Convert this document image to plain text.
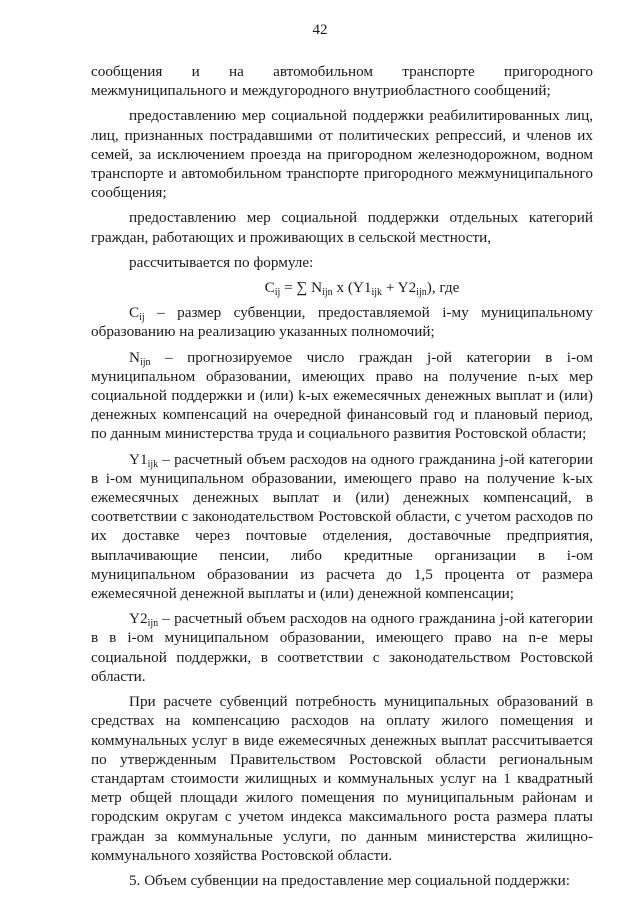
42

сообщения и на автомобильном транспорте пригородного межмуниципального и междугородного внутриобластного сообщений;

предоставлению мер социальной поддержки реабилитированных лиц, лиц, признанных пострадавшими от политических репрессий, и членов их семей, за исключением проезда на пригородном железнодорожном, водном транспорте и автомобильном транспорте пригородного межмуниципального сообщения;

предоставлению мер социальной поддержки отдельных категорий граждан, работающих и проживающих в сельской местности,

рассчитывается по формуле:

$C_{ij}$ = ∑ $N_{ijn}$ x $(Y1_{ijk} + Y2_{ijn})$, где

$C_{ij}$ – размер субвенции, предоставляемой i-му муниципальному образованию на реализацию указанных полномочий;

$N_{ijn}$ – прогнозируемое число граждан j-ой категории в i-ом муниципальном образовании, имеющих право на получение n-ых мер социальной поддержки и (или) k-ых ежемесячных денежных выплат и (или) денежных компенсаций на очередной финансовый год и плановый период, по данным министерства труда и социального развития Ростовской области;

$Y1_{ijk}$ – расчетный объем расходов на одного гражданина j-ой категории в i-ом муниципальном образовании, имеющего право на получение k-ых ежемесячных денежных выплат и (или) денежных компенсаций, в соответствии с законодательством Ростовской области, с учетом расходов по их доставке через почтовые отделения, доставочные предприятия, выплачивающие пенсии, либо кредитные организации в i-ом муниципальном образовании из расчета до 1,5 процента от размера ежемесячной денежной выплаты и (или) денежной компенсации;

$Y2_{ijn}$ – расчетный объем расходов на одного гражданина j-ой категории в в i-ом муниципальном образовании, имеющего право на n-е меры социальной поддержки, в соответствии с законодательством Ростовской области.

При расчете субвенций потребность муниципальных образований в средствах на компенсацию расходов на оплату жилого помещения и коммунальных услуг в виде ежемесячных денежных выплат рассчитывается по утвержденным Правительством Ростовской области региональным стандартам стоимости жилищных и коммунальных услуг на 1 квадратный метр общей площади жилого помещения по муниципальным районам и городским округам с учетом индекса максимального роста размера платы граждан за коммунальные услуги, по данным министерства жилищно-коммунального хозяйства Ростовской области.

5. Объем субвенции на предоставление мер социальной поддержки:
